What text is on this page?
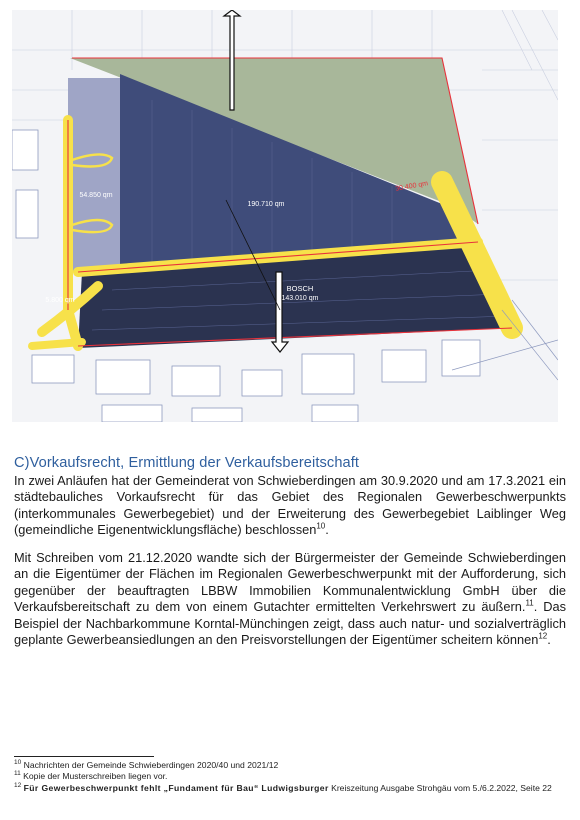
54.850 qm
190.710 qm
30.400 qm
BOSCH
143.010 qm
5.800 qm
C)Vorkaufsrecht, Ermittlung der Verkaufsbereitschaft

In zwei Anläufen hat der Gemeinderat von Schwieberdingen am 30.9.2020 und am 17.3.2021 ein städtebauliches Vorkaufsrecht für das Gebiet des Regionalen Gewerbeschwerpunkts (interkommunales Gewerbegebiet) und der Erweiterung des Gewerbegebiet Laiblinger Weg (gemeindliche Eigenentwicklungsfläche) beschlossen$^{10}$.

Mit Schreiben vom 21.12.2020 wandte sich der Bürgermeister der Gemeinde Schwieberdingen an die Eigentümer der Flächen im Regionalen Gewerbeschwerpunkt mit der Aufforderung, sich gegenüber der beauftragten LBBW Immobilien Kommunalentwicklung GmbH über die Verkaufsbereitschaft zu dem von einem Gutachter ermittelten Verkehrswert zu äußern.$^{11}$. Das Beispiel der Nachbarkommune Korntal-Münchingen zeigt, dass auch natur- und sozialverträglich geplante Gewerbeansiedlungen an den Preisvorstellungen der Eigentümer scheitern können$^{12}$.

$^{10}$ Nachrichten der Gemeinde Schwieberdingen 2020/40 und 2021/12

$^{11}$ Kopie der Musterschreiben liegen vor.

$^{12}$ Für Gewerbeschwerpunkt fehlt „Fundament für Bau“ Ludwigsburger Kreiszeitung Ausgabe Strohgäu vom 5./6.2.2022, Seite 22
